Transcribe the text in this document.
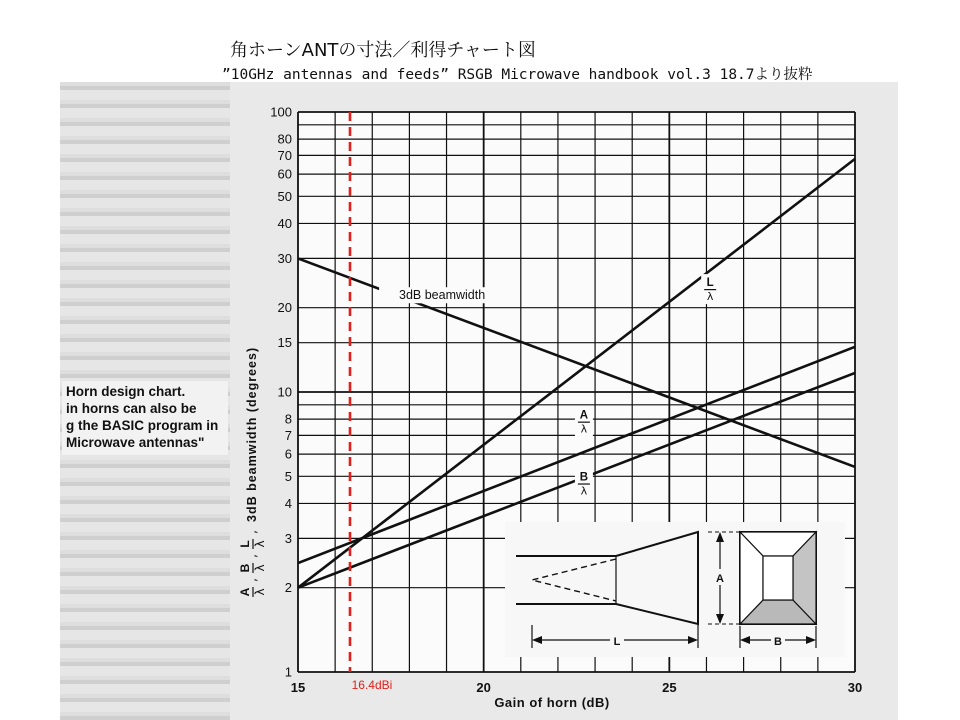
角ホーンANTの寸法／利得チャート図
”10GHz antennas and feeds” RSGB Microwave handbook vol.3 18.7より抜粋
Horn design chart.
in horns can also be
g the BASIC program in
Microwave antennas"
1
2
3
4
5
6
7
8
10
15
20
30
40
50
60
70
80
100
15	20	25	30
3dB beamwidth
L
λ
A
λ
B
λ
A λ
,
B λ
,
L λ
,
3dB beamwidth (degrees)
Gain of horn (dB)
L
A
B
16.4dBi
